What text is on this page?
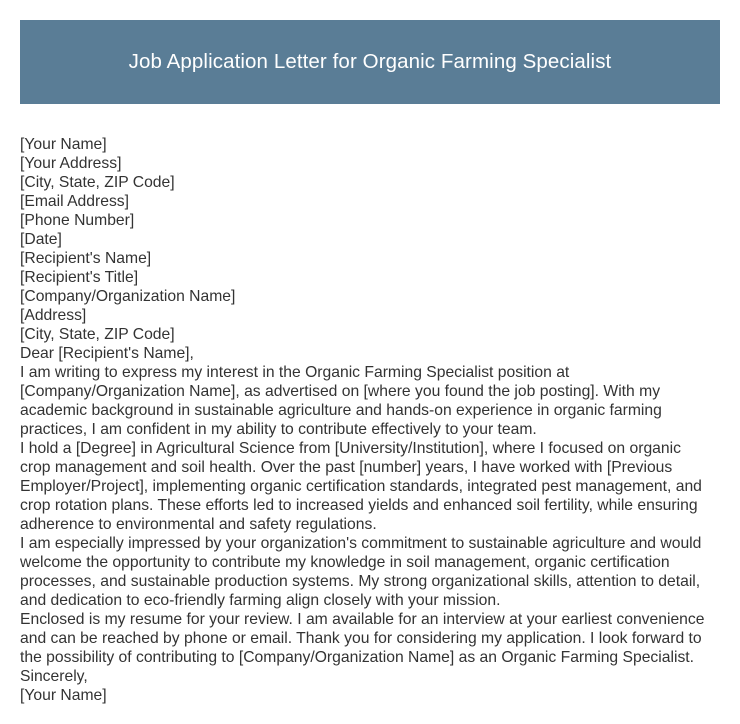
Job Application Letter for Organic Farming Specialist
[Your Name]
[Your Address]
[City, State, ZIP Code]
[Email Address]
[Phone Number]
[Date]
[Recipient's Name]
[Recipient's Title]
[Company/Organization Name]
[Address]
[City, State, ZIP Code]
Dear [Recipient's Name],
I am writing to express my interest in the Organic Farming Specialist position at
[Company/Organization Name], as advertised on [where you found the job posting]. With my
academic background in sustainable agriculture and hands-on experience in organic farming
practices, I am confident in my ability to contribute effectively to your team.
I hold a [Degree] in Agricultural Science from [University/Institution], where I focused on organic
crop management and soil health. Over the past [number] years, I have worked with [Previous
Employer/Project], implementing organic certification standards, integrated pest management, and
crop rotation plans. These efforts led to increased yields and enhanced soil fertility, while ensuring
adherence to environmental and safety regulations.
I am especially impressed by your organization's commitment to sustainable agriculture and would
welcome the opportunity to contribute my knowledge in soil management, organic certification
processes, and sustainable production systems. My strong organizational skills, attention to detail,
and dedication to eco-friendly farming align closely with your mission.
Enclosed is my resume for your review. I am available for an interview at your earliest convenience
and can be reached by phone or email. Thank you for considering my application. I look forward to
the possibility of contributing to [Company/Organization Name] as an Organic Farming Specialist.
Sincerely,
[Your Name]
